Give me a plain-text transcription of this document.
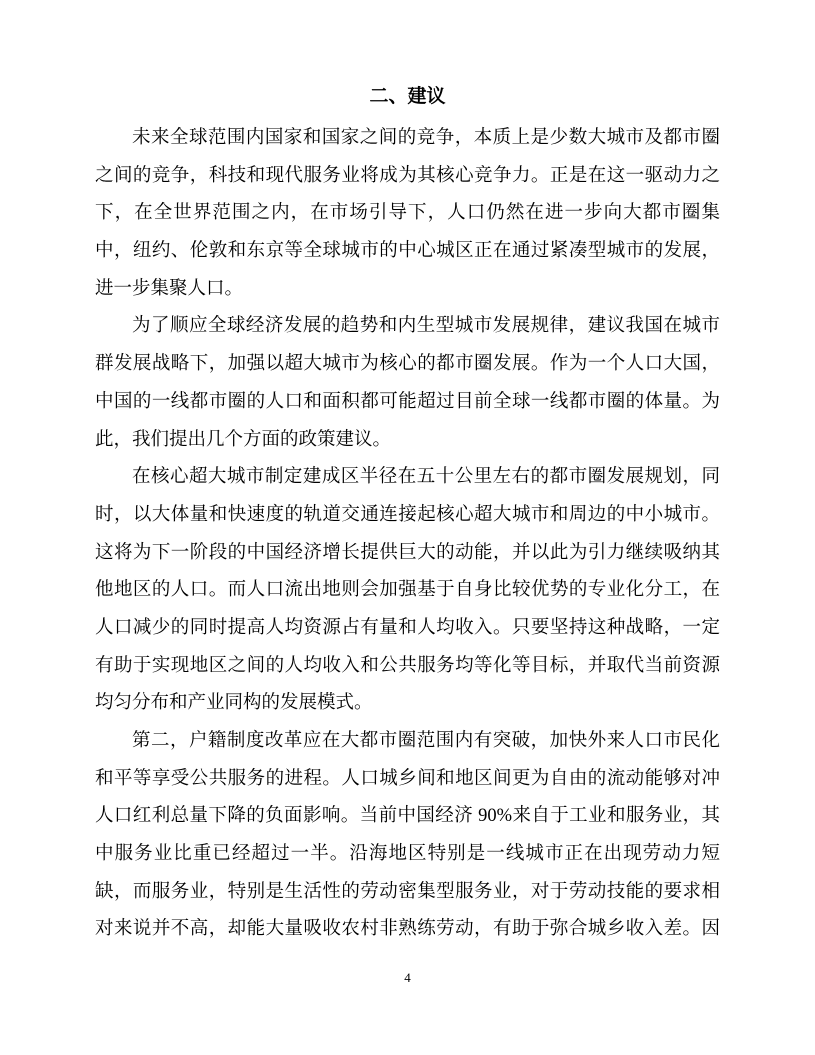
二、建议
未来全球范围内国家和国家之间的竞争，本质上是少数大城市及都市圈
之间的竞争，科技和现代服务业将成为其核心竞争力。正是在这一驱动力之
下，在全世界范围之内，在市场引导下，人口仍然在进一步向大都市圈集
中，纽约、伦敦和东京等全球城市的中心城区正在通过紧凑型城市的发展，
进一步集聚人口。
为了顺应全球经济发展的趋势和内生型城市发展规律，建议我国在城市
群发展战略下，加强以超大城市为核心的都市圈发展。作为一个人口大国，
中国的一线都市圈的人口和面积都可能超过目前全球一线都市圈的体量。为
此，我们提出几个方面的政策建议。
在核心超大城市制定建成区半径在五十公里左右的都市圈发展规划，同
时，以大体量和快速度的轨道交通连接起核心超大城市和周边的中小城市。
这将为下一阶段的中国经济增长提供巨大的动能，并以此为引力继续吸纳其
他地区的人口。而人口流出地则会加强基于自身比较优势的专业化分工，在
人口减少的同时提高人均资源占有量和人均收入。只要坚持这种战略，一定
有助于实现地区之间的人均收入和公共服务均等化等目标，并取代当前资源
均匀分布和产业同构的发展模式。
第二，户籍制度改革应在大都市圈范围内有突破，加快外来人口市民化
和平等享受公共服务的进程。人口城乡间和地区间更为自由的流动能够对冲
人口红利总量下降的负面影响。当前中国经济 90%来自于工业和服务业，其
中服务业比重已经超过一半。沿海地区特别是一线城市正在出现劳动力短
缺，而服务业，特别是生活性的劳动密集型服务业，对于劳动技能的要求相
对来说并不高，却能大量吸收农村非熟练劳动，有助于弥合城乡收入差。因
4
